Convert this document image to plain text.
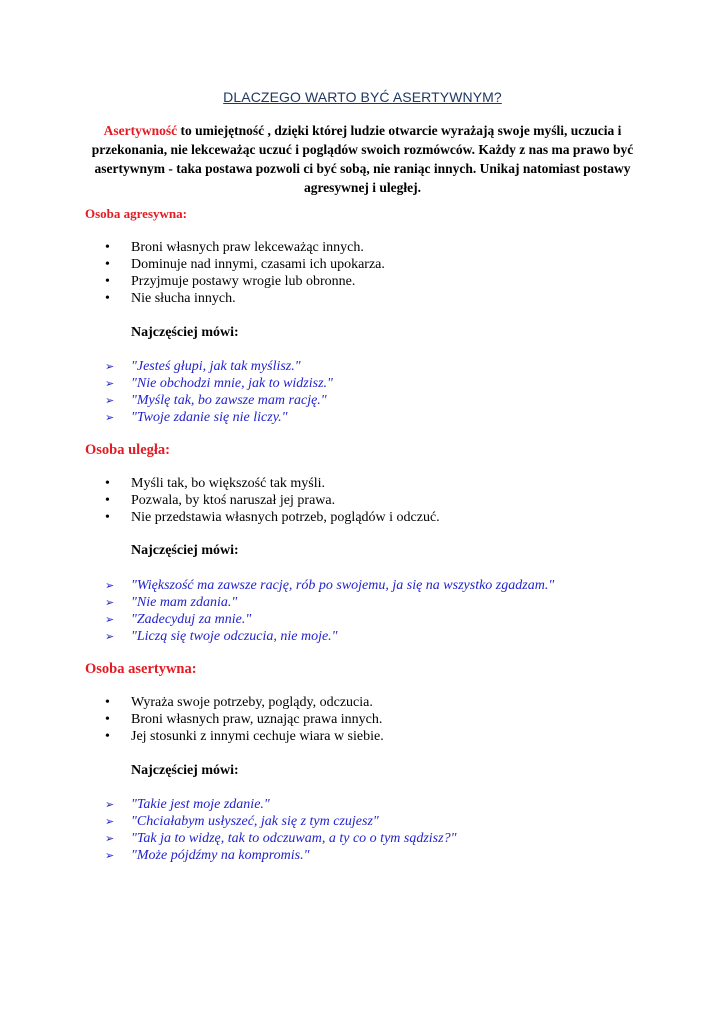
DLACZEGO WARTO BYĆ ASERTYWNYM?
Asertywność to umiejętność , dzięki której ludzie otwarcie wyrażają swoje myśli, uczucia i przekonania, nie lekceważąc uczuć i poglądów swoich rozmówców. Każdy z nas ma prawo być asertywnym - taka postawa pozwoli ci być sobą, nie raniąc innych. Unikaj natomiast postawy agresywnej i uległej.
Osoba agresywna:
• Broni własnych praw lekceważąc innych.
• Dominuje nad innymi, czasami ich upokarza.
• Przyjmuje postawy wrogie lub obronne.
• Nie słucha innych.
Najczęściej mówi:
➢ "Jesteś głupi, jak tak myślisz."
➢ "Nie obchodzi mnie, jak to widzisz."
➢ "Myślę tak, bo zawsze mam rację."
➢ "Twoje zdanie się nie liczy."
Osoba uległa:
• Myśli tak, bo większość tak myśli.
• Pozwala, by ktoś naruszał jej prawa.
• Nie przedstawia własnych potrzeb, poglądów i odczuć.
Najczęściej mówi:
➢ "Większość ma zawsze rację, rób po swojemu, ja się na wszystko zgadzam."
➢ "Nie mam zdania."
➢ "Zadecyduj za mnie."
➢ "Liczą się twoje odczucia, nie moje."
Osoba asertywna:
• Wyraża swoje potrzeby, poglądy, odczucia.
• Broni własnych praw, uznając prawa innych.
• Jej stosunki z innymi cechuje wiara w siebie.
Najczęściej mówi:
➢ "Takie jest moje zdanie."
➢ "Chciałabym usłyszeć, jak się z tym czujesz"
➢ "Tak ja to widzę, tak to odczuwam, a ty co o tym sądzisz?"
➢ "Może pójdźmy na kompromis."
